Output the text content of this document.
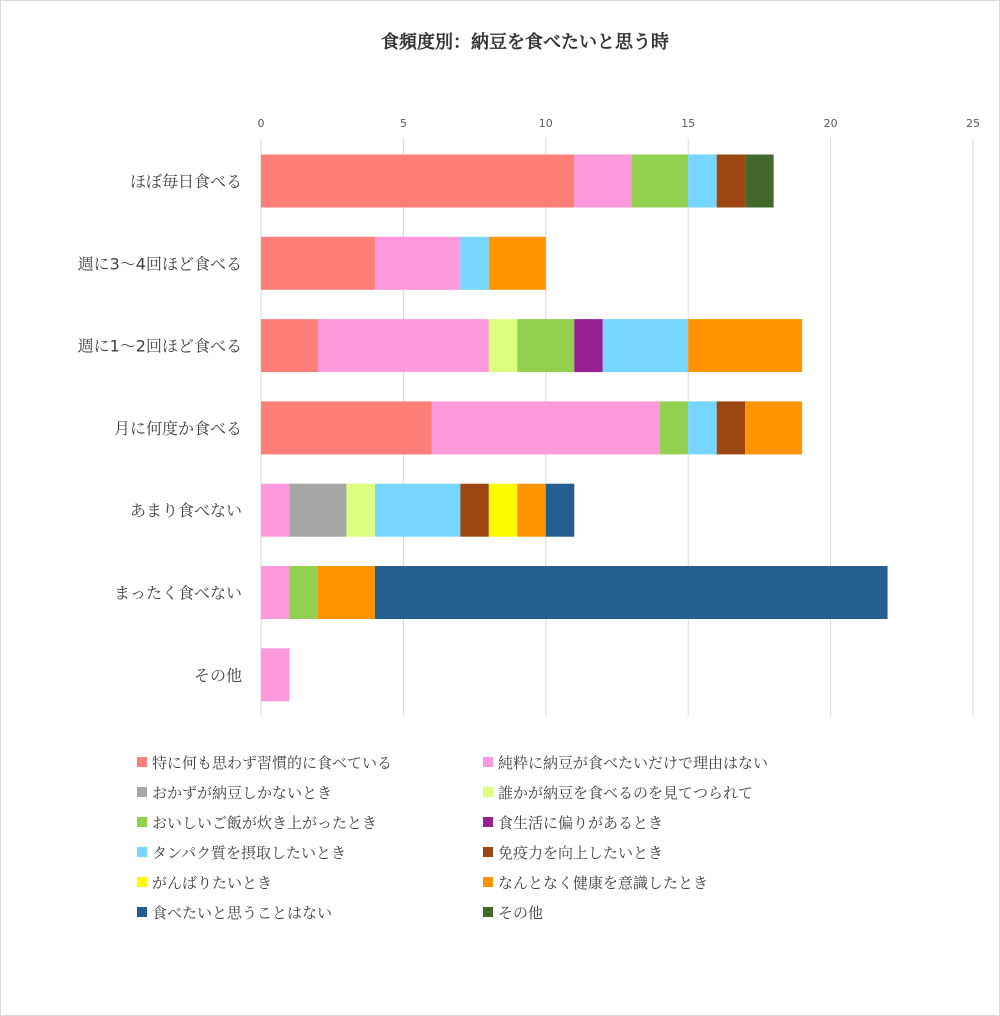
食頻度別：納豆を食べたいと思う時
0	5	10	15	20	25
ほぼ毎日食べる
週に3〜4回ほど食べる
週に1〜2回ほど食べる
月に何度か食べる
あまり食べない
まったく食べない
その他
特に何も思わず習慣的に食べている	純粋に納豆が食べたいだけで理由はない
おかずが納豆しかないとき	誰かが納豆を食べるのを見てつられて
おいしいご飯が炊き上がったとき	食生活に偏りがあるとき
タンパク質を摂取したいとき	免疫力を向上したいとき
がんばりたいとき	なんとなく健康を意識したとき
食べたいと思うことはない	その他
